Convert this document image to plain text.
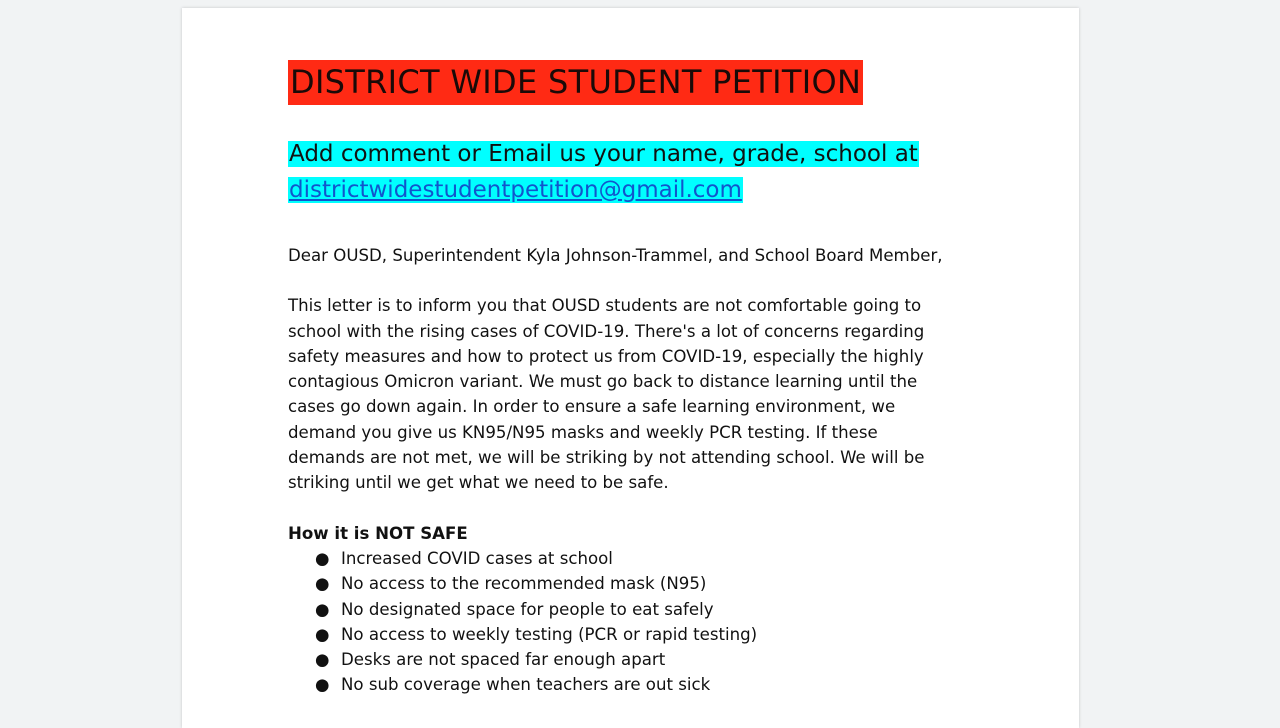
DISTRICT WIDE STUDENT PETITION
Add comment or Email us your name, grade, school at
districtwidestudentpetition@gmail.com
Dear OUSD, Superintendent Kyla Johnson-Trammel, and School Board Member,
This letter is to inform you that OUSD students are not comfortable going to
school with the rising cases of COVID-19. There's a lot of concerns regarding
safety measures and how to protect us from COVID-19, especially the highly
contagious Omicron variant. We must go back to distance learning until the
cases go down again. In order to ensure a safe learning environment, we
demand you give us KN95/N95 masks and weekly PCR testing. If these
demands are not met, we will be striking by not attending school. We will be
striking until we get what we need to be safe.
How it is NOT SAFE
● Increased COVID cases at school
● No access to the recommended mask (N95)
● No designated space for people to eat safely
● No access to weekly testing (PCR or rapid testing)
● Desks are not spaced far enough apart
● No sub coverage when teachers are out sick
